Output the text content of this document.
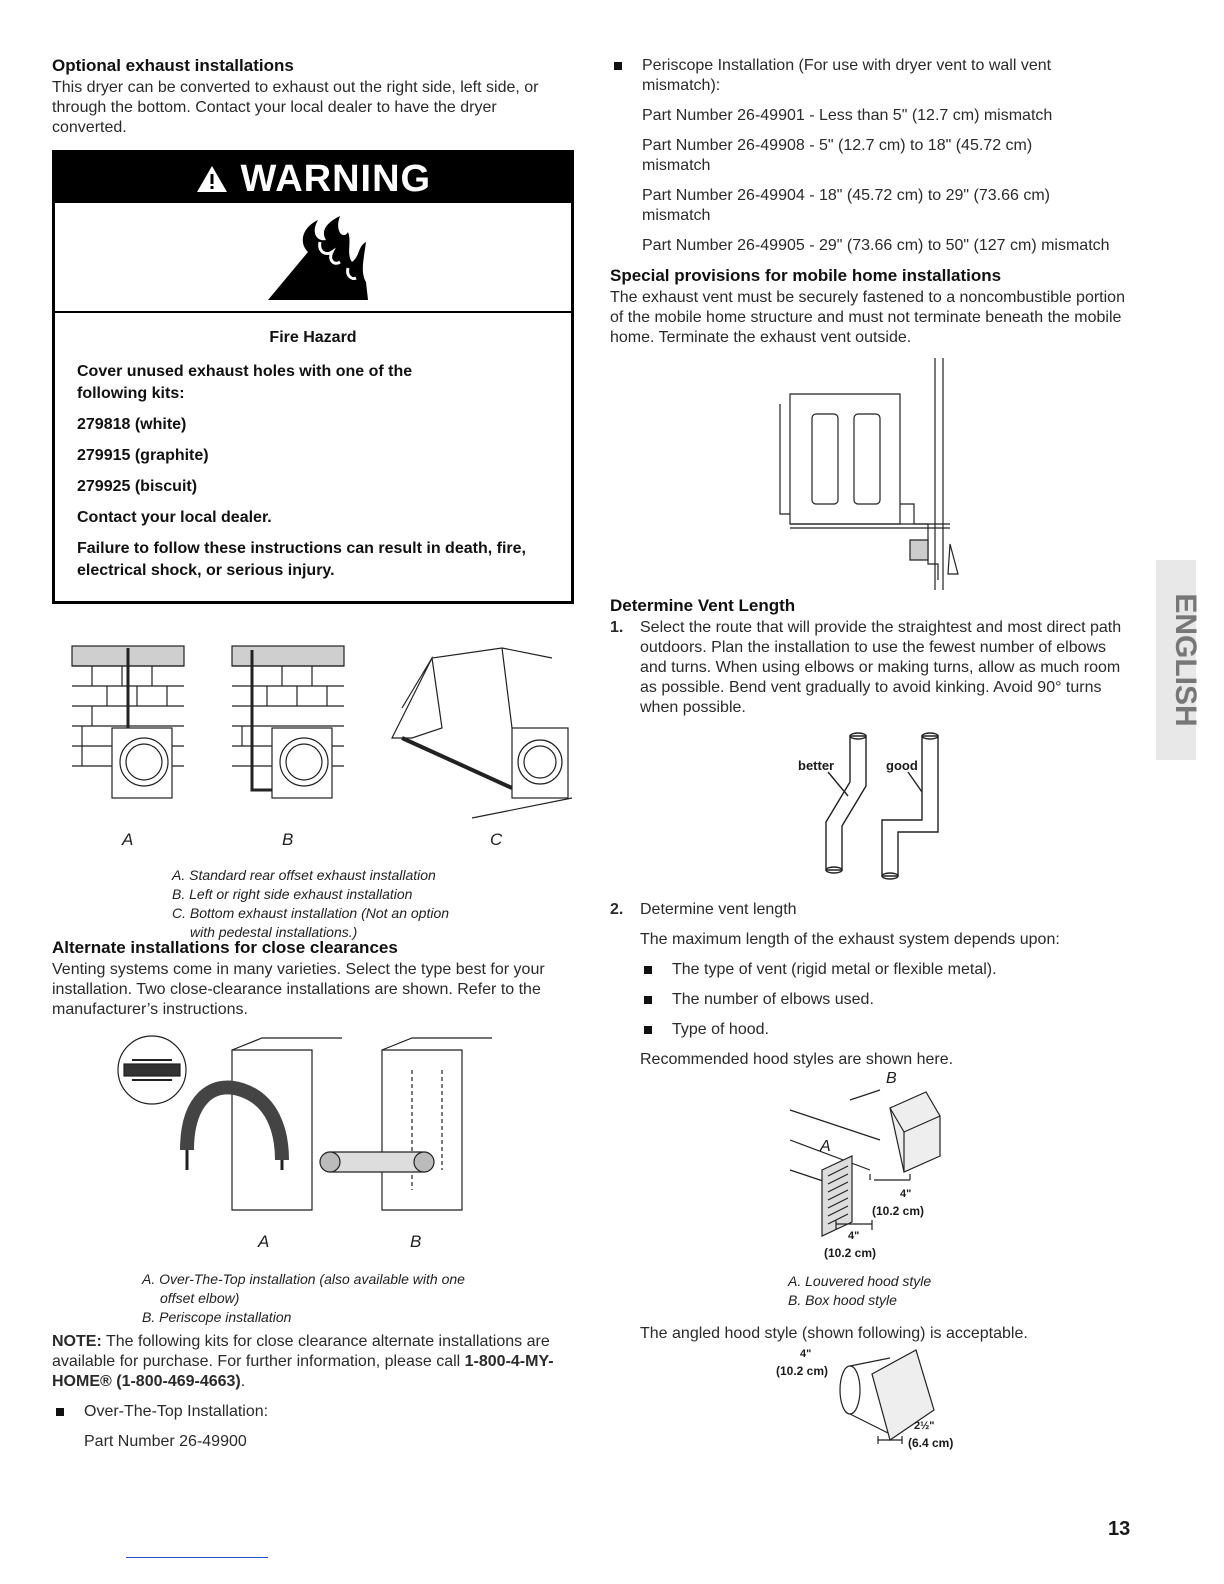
Optional exhaust installations

This dryer can be converted to exhaust out the right side, left side, or through the bottom. Contact your local dealer to have the dryer converted.

WARNING
Fire Hazard
Cover unused exhaust holes with one of the following kits:
279818 (white)
279915 (graphite)
279925 (biscuit)
Contact your local dealer.
Failure to follow these instructions can result in death, fire, electrical shock, or serious injury.
A	B	C
A. Standard rear offset exhaust installation
B. Left or right side exhaust installation
C. Bottom exhaust installation (Not an option
with pedestal installations.)
Alternate installations for close clearances

Venting systems come in many varieties. Select the type best for your installation. Two close-clearance installations are shown. Refer to the manufacturer’s instructions.

A	B
A. Over-The-Top installation (also available with one
offset elbow)
B. Periscope installation

NOTE: The following kits for close clearance alternate installations are available for purchase. For further information, please call 1-800-4-MY-HOME® (1-800-469-4663).

Over-The-Top Installation:

Part Number 26-49900

Periscope Installation (For use with dryer vent to wall vent mismatch):

Part Number 26-49901 - Less than 5" (12.7 cm) mismatch

Part Number 26-49908 - 5" (12.7 cm) to 18" (45.72 cm) mismatch

Part Number 26-49904 - 18" (45.72 cm) to 29" (73.66 cm) mismatch

Part Number 26-49905 - 29" (73.66 cm) to 50" (127 cm) mismatch

Special provisions for mobile home installations

The exhaust vent must be securely fastened to a noncombustible portion of the mobile home structure and must not terminate beneath the mobile home. Terminate the exhaust vent outside.

Determine Vent Length
1.	Select the route that will provide the straightest and most direct path outdoors. Plan the installation to use the fewest number of elbows and turns. When using elbows or making turns, allow as much room as possible. Bend vent gradually to avoid kinking. Avoid 90° turns when possible.
better	good
2.	Determine vent length

The maximum length of the exhaust system depends upon:

The type of vent (rigid metal or flexible metal).
The number of elbows used.
Type of hood.

Recommended hood styles are shown here.

B
A
4"
(10.2 cm)
4"
(10.2 cm)
A. Louvered hood style
B. Box hood style

The angled hood style (shown following) is acceptable.

4"
(10.2 cm)
2½"
(6.4 cm)
ENGLISH
13
